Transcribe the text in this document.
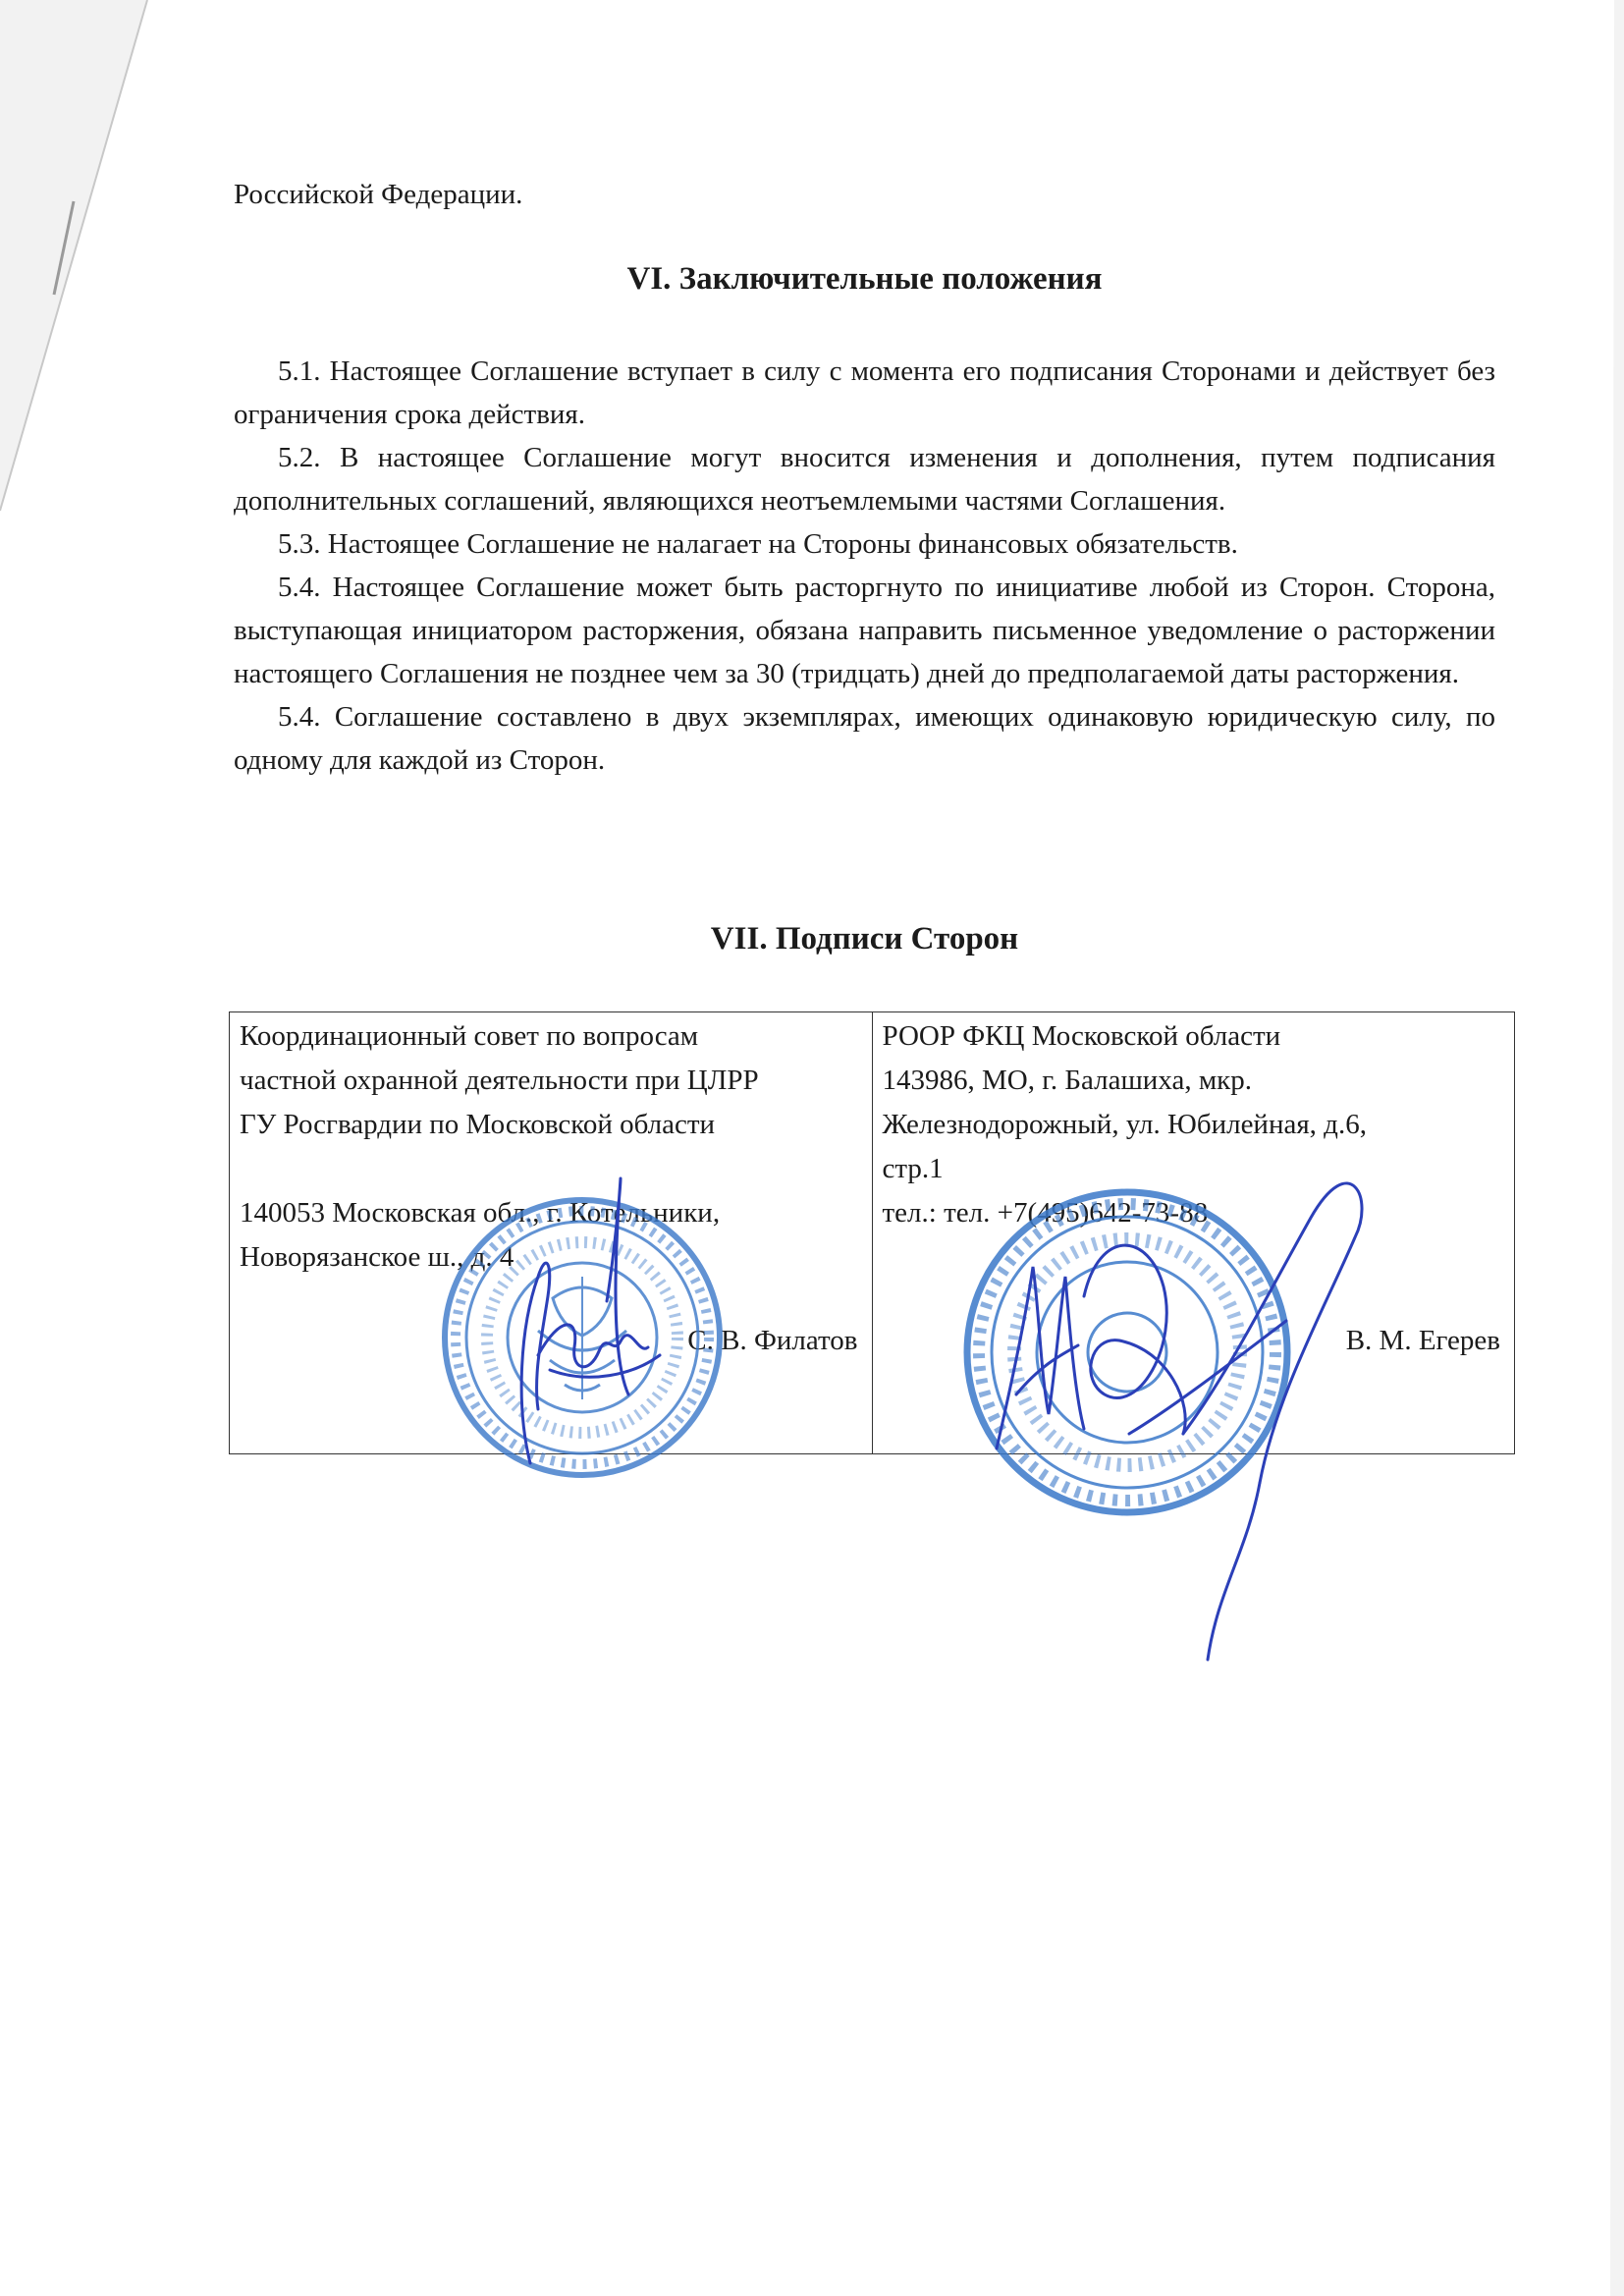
Российской Федерации.

VI. Заключительные положения

5.1. Настоящее Соглашение вступает в силу с момента его подписания Сторонами и действует без ограничения срока действия.

5.2. В настоящее Соглашение могут вносится изменения и дополнения, путем подписания дополнительных соглашений, являющихся неотъемлемыми частями Соглашения.

5.3. Настоящее Соглашение не налагает на Стороны финансовых обязательств.

5.4. Настоящее Соглашение может быть расторгнуто по инициативе любой из Сторон. Сторона, выступающая инициатором расторжения, обязана направить письменное уведомление о расторжении настоящего Соглашения не позднее чем за 30 (тридцать) дней до предполагаемой даты расторжения.

5.4. Соглашение составлено в двух экземплярах, имеющих одинаковую юридическую силу, по одному для каждой из Сторон.

VII. Подписи Сторон
Координационный совет по вопросам
частной охранной деятельности при ЦЛРР
ГУ Росгвардии по Московской области
140053 Московская обл., г. Котельники,
Новорязанское ш., д. 4
С. В. Филатов

РООР ФКЦ Московской области
143986, МО, г. Балашиха, мкр.
Железнодорожный, ул. Юбилейная, д.6,
стр.1
тел.: тел. +7(495)642-73-88
В. М. Егерев
